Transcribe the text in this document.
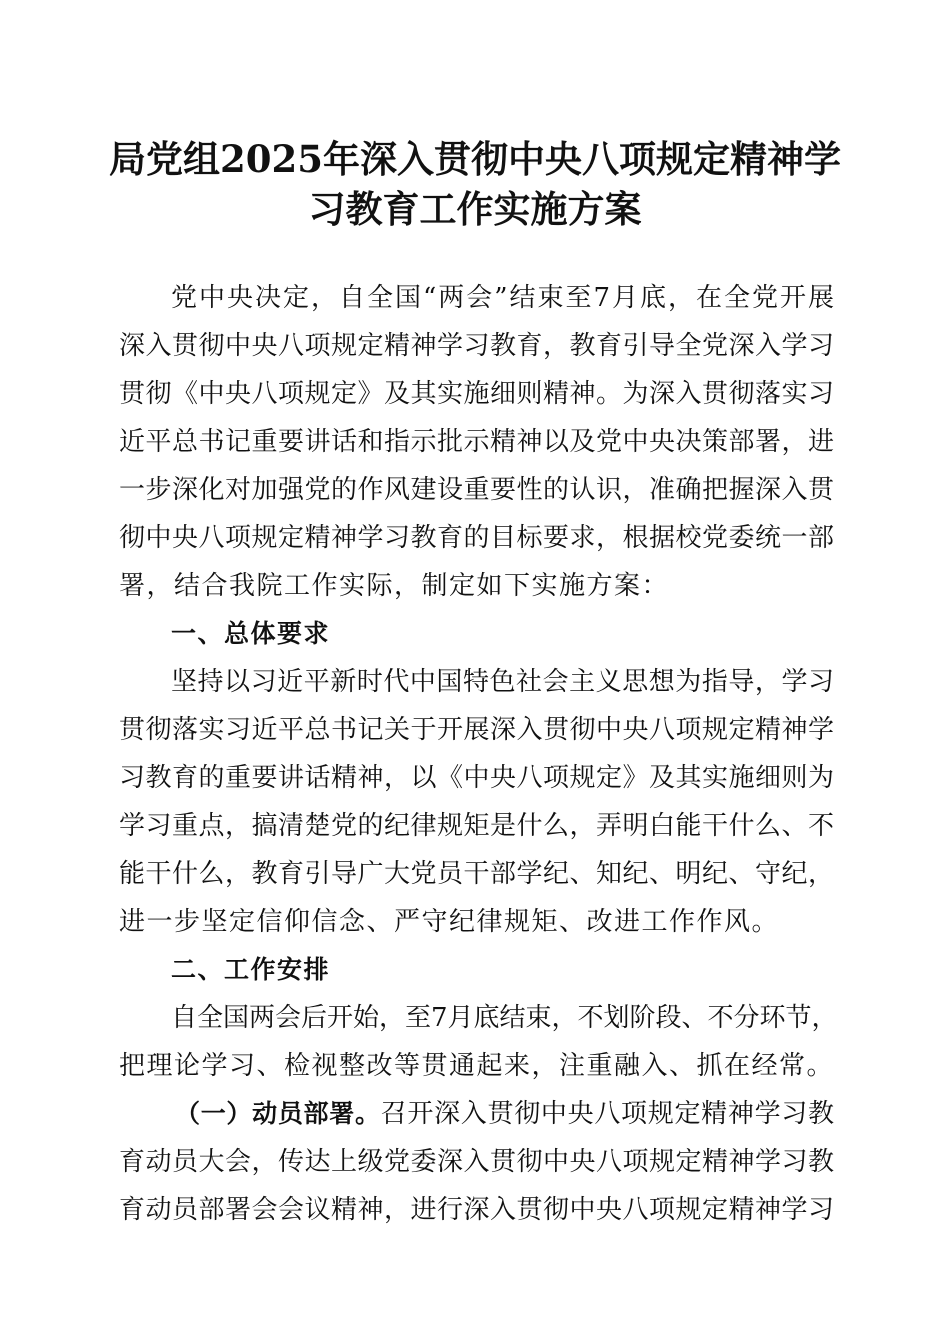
局党组2025年深入贯彻中央八项规定精神学
习教育工作实施方案
党中央决定，自全国“两会”结束至7月底，在全党开展
深入贯彻中央八项规定精神学习教育，教育引导全党深入学习
贯彻《中央八项规定》及其实施细则精神。为深入贯彻落实习
近平总书记重要讲话和指示批示精神以及党中央决策部署，进
一步深化对加强党的作风建设重要性的认识，准确把握深入贯
彻中央八项规定精神学习教育的目标要求，根据校党委统一部
署，结合我院工作实际，制定如下实施方案：
一、总体要求
坚持以习近平新时代中国特色社会主义思想为指导，学习
贯彻落实习近平总书记关于开展深入贯彻中央八项规定精神学
习教育的重要讲话精神，以《中央八项规定》及其实施细则为
学习重点，搞清楚党的纪律规矩是什么，弄明白能干什么、不
能干什么，教育引导广大党员干部学纪、知纪、明纪、守纪，
进一步坚定信仰信念、严守纪律规矩、改进工作作风。
二、工作安排
自全国两会后开始，至7月底结束，不划阶段、不分环节，
把理论学习、检视整改等贯通起来，注重融入、抓在经常。
（一）动员部署。召开深入贯彻中央八项规定精神学习教
育动员大会，传达上级党委深入贯彻中央八项规定精神学习教
育动员部署会会议精神，进行深入贯彻中央八项规定精神学习
